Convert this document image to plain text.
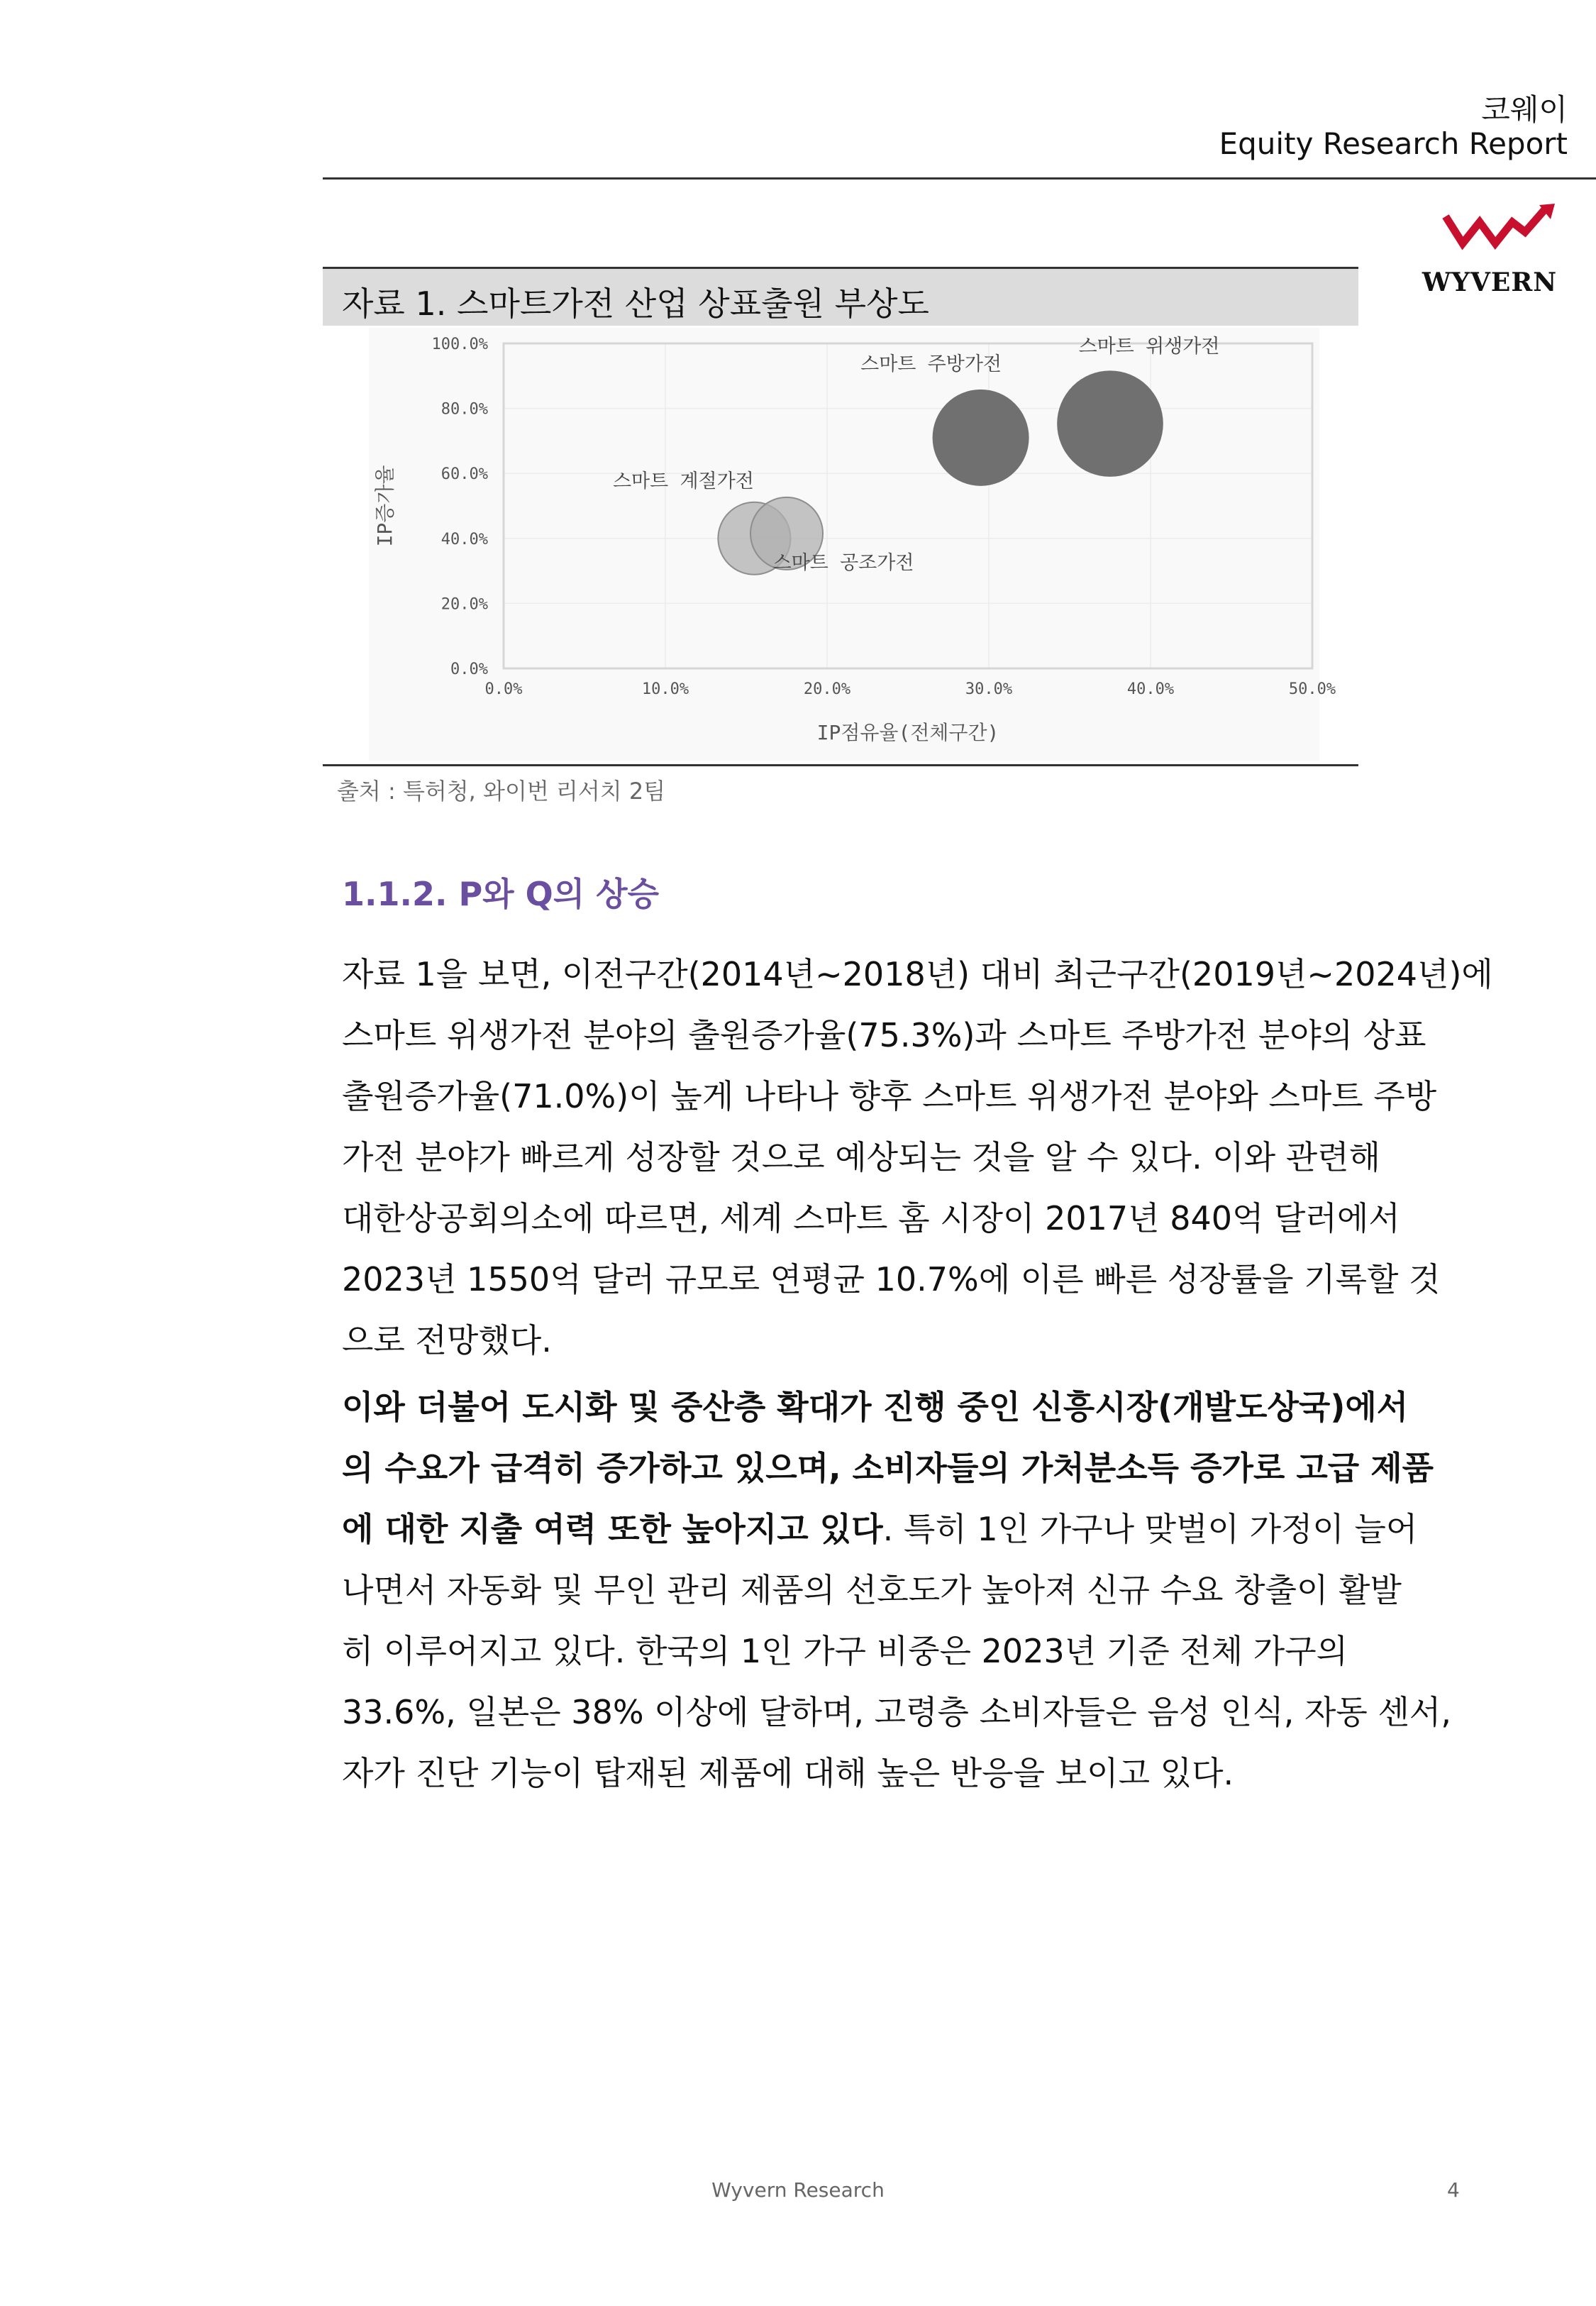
코웨이
Equity Research Report
WYVERN
자료 1. 스마트가전 산업 상표출원 부상도
0.0%
20.0%
40.0%
60.0%
80.0%
100.0%
0.0%	10.0%	20.0%	30.0%	40.0%	50.0%
스마트 주방가전
스마트 위생가전
스마트 계절가전
스마트 공조가전
IP점유율(전체구간)
IP증가율
출처 : 특허청, 와이번 리서치 2팀
1.1.2. P와 Q의 상승
자료 1을 보면, 이전구간(2014년~2018년) 대비 최근구간(2019년~2024년)에
스마트 위생가전 분야의 출원증가율(75.3%)과 스마트 주방가전 분야의 상표
출원증가율(71.0%)이 높게 나타나 향후 스마트 위생가전 분야와 스마트 주방
가전 분야가 빠르게 성장할 것으로 예상되는 것을 알 수 있다. 이와 관련해
대한상공회의소에 따르면, 세계 스마트 홈 시장이 2017년 840억 달러에서
2023년 1550억 달러 규모로 연평균 10.7%에 이른 빠른 성장률을 기록할 것
으로 전망했다.
이와 더불어 도시화 및 중산층 확대가 진행 중인 신흥시장(개발도상국)에서
의 수요가 급격히 증가하고 있으며, 소비자들의 가처분소득 증가로 고급 제품
에 대한 지출 여력 또한 높아지고 있다. 특히 1인 가구나 맞벌이 가정이 늘어
나면서 자동화 및 무인 관리 제품의 선호도가 높아져 신규 수요 창출이 활발
히 이루어지고 있다. 한국의 1인 가구 비중은 2023년 기준 전체 가구의
33.6%, 일본은 38% 이상에 달하며, 고령층 소비자들은 음성 인식, 자동 센서,
자가 진단 기능이 탑재된 제품에 대해 높은 반응을 보이고 있다.
Wyvern Research	4
